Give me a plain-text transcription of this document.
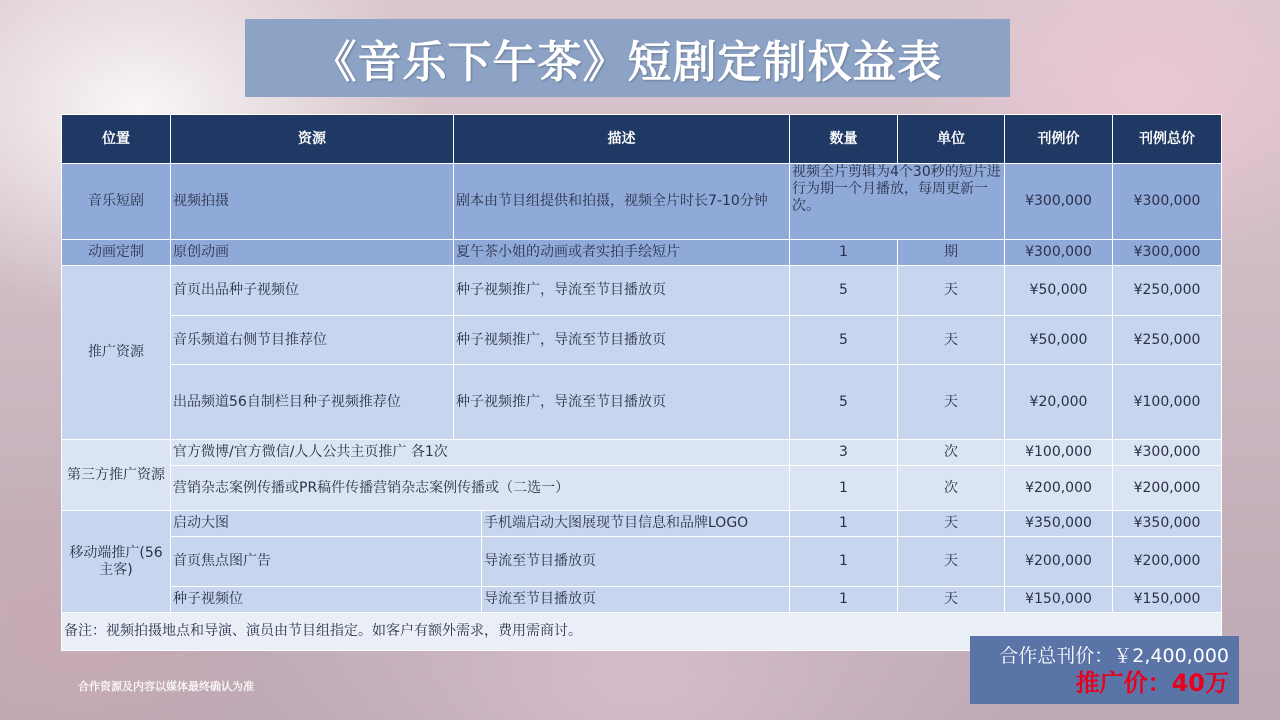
《音乐下午茶》短剧定制权益表
位置	资源	描述		数量	单位	刊例价	刊例总价
音乐短剧	视频拍摄	剧本由节目组提供和拍摄，视频全片时长7-10分钟		视频全片剪辑为4个30秒的短片进行为期一个月播放，每周更新一次。		¥300,000	¥300,000
动画定制	原创动画	夏午茶小姐的动画或者实拍手绘短片		1	期	¥300,000	¥300,000
推广资源	首页出品种子视频位	种子视频推广，导流至节目播放页		5	天	¥50,000	¥250,000
	音乐频道右侧节目推荐位	种子视频推广，导流至节目播放页		5	天	¥50,000	¥250,000
	出品频道56自制栏目种子视频推荐位	种子视频推广，导流至节目播放页		5	天	¥20,000	¥100,000
第三方推广资源	官方微博/官方微信/人人公共主页推广 各1次			3	次	¥100,000	¥300,000
	营销杂志案例传播或PR稿件传播营销杂志案例传播或（二选一）			1	次	¥200,000	¥200,000
移动端推广(56主客)	启动大图		手机端启动大图展现节目信息和品牌LOGO	1	天	¥350,000	¥350,000
	首页焦点图广告		导流至节目播放页	1	天	¥200,000	¥200,000
	种子视频位		导流至节目播放页	1	天	¥150,000	¥150,000
备注：视频拍摄地点和导演、演员由节目组指定。如客户有额外需求，费用需商讨。							
合作总刊价：￥2,400,000
推广价：40万
合作资源及内容以媒体最终确认为准
